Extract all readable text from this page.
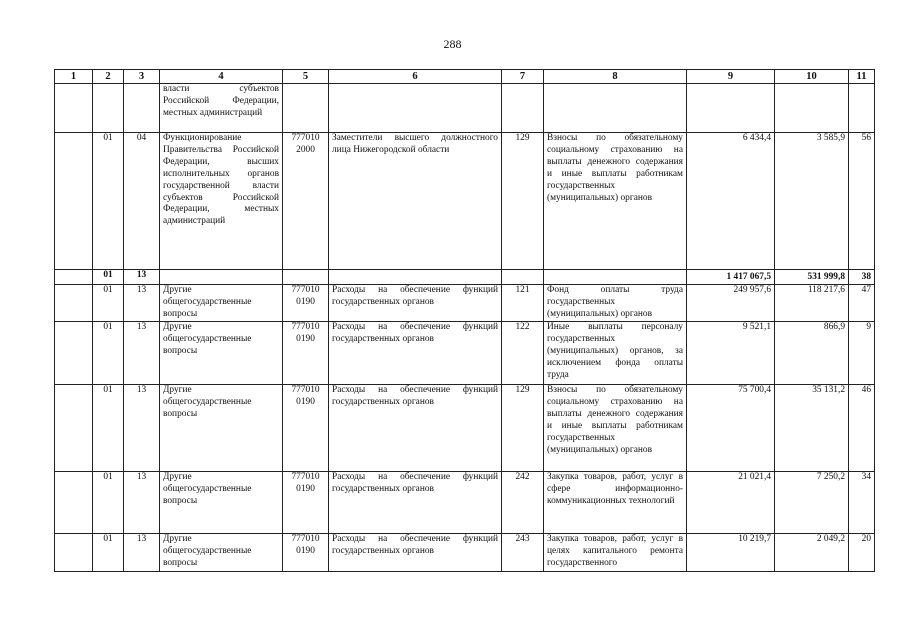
288
1	2	3	4	5	6	7	8	9	10	11
			власти субъектов Российской Федерации, местных администраций							
	01	04	Функционирование Правительства Российской Федерации, высших исполнительных органов государственной власти субъектов Российской Федерации, местных администраций	777010 2000	Заместители высшего должностного лица Нижегородской области	129	Взносы по обязательному социальному страхованию на выплаты денежного содержания и иные выплаты работникам государственных (муниципальных) органов	6 434,4	3 585,9	56
	01	13						1 417 067,5	531 999,8	38
	01	13	Другие общегосударственные вопросы	777010 0190	Расходы на обеспечение функций государственных органов	121	Фонд оплаты труда государственных (муниципальных) органов	249 957,6	118 217,6	47
	01	13	Другие общегосударственные вопросы	777010 0190	Расходы на обеспечение функций государственных органов	122	Иные выплаты персоналу государственных (муниципальных) органов, за исключением фонда оплаты труда	9 521,1	866,9	9
	01	13	Другие общегосударственные вопросы	777010 0190	Расходы на обеспечение функций государственных органов	129	Взносы по обязательному социальному страхованию на выплаты денежного содержания и иные выплаты работникам государственных (муниципальных) органов	75 700,4	35 131,2	46
	01	13	Другие общегосударственные вопросы	777010 0190	Расходы на обеспечение функций государственных органов	242	Закупка товаров, работ, услуг в сфере информационно-коммуникационных технологий	21 021,4	7 250,2	34
	01	13	Другие общегосударственные вопросы	777010 0190	Расходы на обеспечение функций государственных органов	243	Закупка товаров, работ, услуг в целях капитального ремонта государственного	10 219,7	2 049,2	20
